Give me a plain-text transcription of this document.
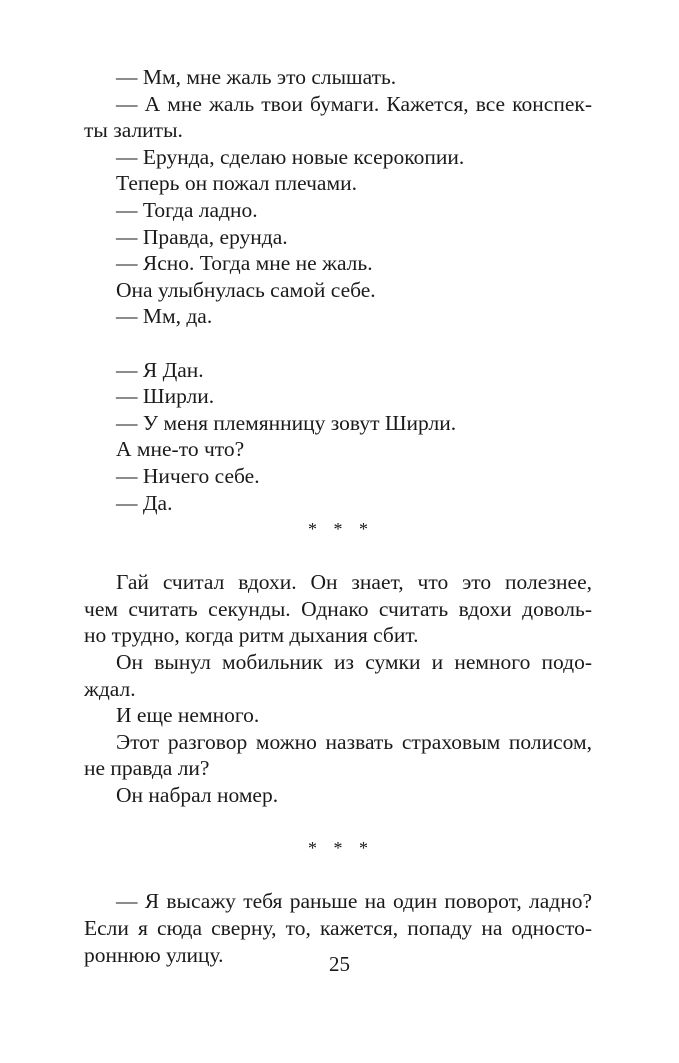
— Мм, мне жаль это слышать.
— А мне жаль твои бумаги. Кажется, все конспек-
ты залиты.
— Ерунда, сделаю новые ксерокопии.
Теперь он пожал плечами.
— Тогда ладно.
— Правда, ерунда.
— Ясно. Тогда мне не жаль.
Она улыбнулась самой себе.
— Мм, да.
— Я Дан.
— Ширли.
— У меня племянницу зовут Ширли.
А мне-то что?
— Ничего себе.
— Да.
* * *
Гай считал вдохи. Он знает, что это полезнее,
чем считать секунды. Однако считать вдохи доволь-
но трудно, когда ритм дыхания сбит.
Он вынул мобильник из сумки и немного подо-
ждал.
И еще немного.
Этот разговор можно назвать страховым полисом,
не правда ли?
Он набрал номер.
* * *
— Я высажу тебя раньше на один поворот, ладно?
Если я сюда сверну, то, кажется, попаду на односто-
роннюю улицу.	25
